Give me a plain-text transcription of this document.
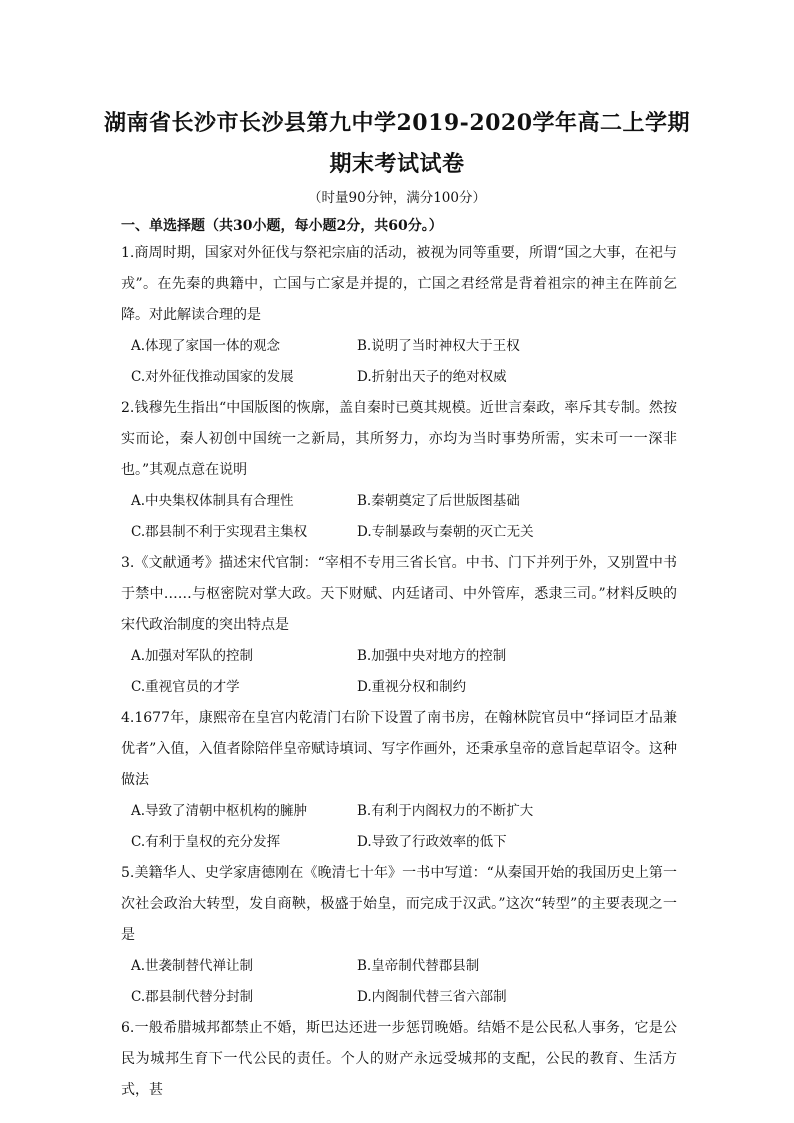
湖南省长沙市长沙县第九中学2019-2020学年高二上学期
期末考试试卷

（时量90分钟，满分100分）

一、单选择题（共30小题，每小题2分，共60分。）

1.商周时期，国家对外征伐与祭祀宗庙的活动，被视为同等重要，所谓“国之大事，在祀与戎”。在先秦的典籍中，亡国与亡家是并提的，亡国之君经常是背着祖宗的神主在阵前乞降。对此解读合理的是

A.体现了家国一体的观念	B.说明了当时神权大于王权
C.对外征伐推动国家的发展	D.折射出天子的绝对权威

2.钱穆先生指出“中国版图的恢廓，盖自秦时已奠其规模。近世言秦政，率斥其专制。然按实而论，秦人初创中国统一之新局，其所努力，亦均为当时事势所需，实未可一一深非也。”其观点意在说明

A.中央集权体制具有合理性	B.秦朝奠定了后世版图基础
C.郡县制不利于实现君主集权	D.专制暴政与秦朝的灭亡无关

3.《文献通考》描述宋代官制：“宰相不专用三省长官。中书、门下并列于外，又别置中书于禁中……与枢密院对掌大政。天下财赋、内廷诸司、中外管库，悉隶三司。”材料反映的宋代政治制度的突出特点是

A.加强对军队的控制	B.加强中央对地方的控制
C.重视官员的才学	D.重视分权和制约

4.1677年，康熙帝在皇宫内乾清门右阶下设置了南书房，在翰林院官员中“择词臣才品兼优者”入值，入值者除陪伴皇帝赋诗填词、写字作画外，还秉承皇帝的意旨起草诏令。这种做法

A.导致了清朝中枢机构的臃肿	B.有利于内阁权力的不断扩大
C.有利于皇权的充分发挥	D.导致了行政效率的低下

5.美籍华人、史学家唐德刚在《晚清七十年》一书中写道：“从秦国开始的我国历史上第一次社会政治大转型，发自商鞅，极盛于始皇，而完成于汉武。”这次“转型”的主要表现之一是

A.世袭制替代禅让制	B.皇帝制代替郡县制
C.郡县制代替分封制	D.内阁制代替三省六部制

6.一般希腊城邦都禁止不婚，斯巴达还进一步惩罚晚婚。结婚不是公民私人事务，它是公民为城邦生育下一代公民的责任。个人的财产永远受城邦的支配，公民的教育、生活方式，甚
